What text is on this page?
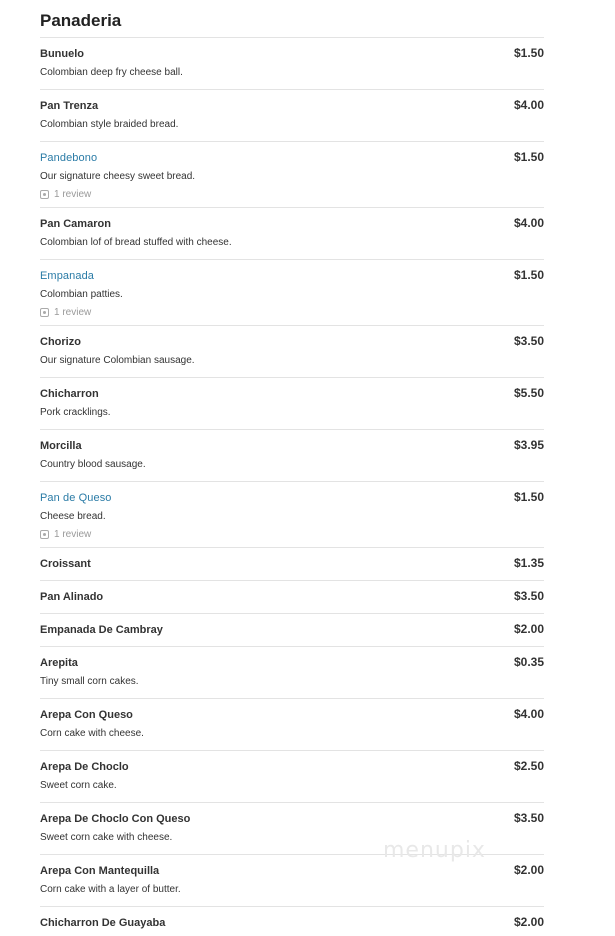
Panaderia
Bunuelo	$1.50
Colombian deep fry cheese ball.
Pan Trenza	$4.00
Colombian style braided bread.
Pandebono	$1.50
Our signature cheesy sweet bread.
1 review
Pan Camaron	$4.00
Colombian lof of bread stuffed with cheese.
Empanada	$1.50
Colombian patties.
1 review
Chorizo	$3.50
Our signature Colombian sausage.
Chicharron	$5.50
Pork cracklings.
Morcilla	$3.95
Country blood sausage.
Pan de Queso	$1.50
Cheese bread.
1 review
Croissant	$1.35
Pan Alinado	$3.50
Empanada De Cambray	$2.00
Arepita	$0.35
Tiny small corn cakes.
Arepa Con Queso	$4.00
Corn cake with cheese.
Arepa De Choclo	$2.50
Sweet corn cake.
Arepa De Choclo Con Queso	$3.50
Sweet corn cake with cheese.
Arepa Con Mantequilla	$2.00
Corn cake with a layer of butter.
Chicharron De Guayaba	$2.00
menupix
